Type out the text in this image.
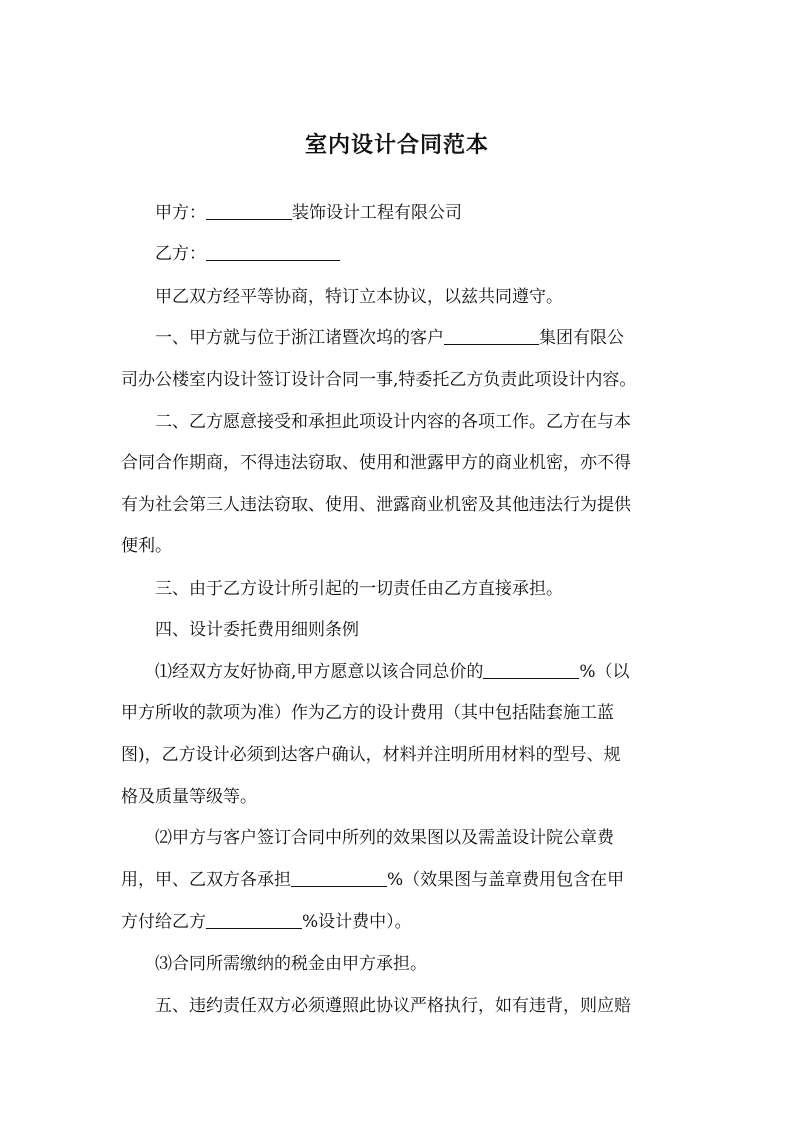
室内设计合同范本
甲方：	装饰设计工程有限公司
乙方：
甲乙双方经平等协商，特订立本协议，以兹共同遵守。
一、甲方就与位于浙江诸暨次坞的客户	集团有限公
司办公楼室内设计签订设计合同一事,特委托乙方负责此项设计内容。
二、乙方愿意接受和承担此项设计内容的各项工作。乙方在与本
合同合作期商，不得违法窃取、使用和泄露甲方的商业机密，亦不得
有为社会第三人违法窃取、使用、泄露商业机密及其他违法行为提供
便利。
三、由于乙方设计所引起的一切责任由乙方直接承担。
四、设计委托费用细则条例
⑴经双方友好协商,甲方愿意以该合同总价的	%（以
甲方所收的款项为准）作为乙方的设计费用（其中包括陆套施工蓝
图)，乙方设计必须到达客户确认，材料并注明所用材料的型号、规
格及质量等级等。
⑵甲方与客户签订合同中所列的效果图以及需盖设计院公章费
用，甲、乙双方各承担	%（效果图与盖章费用包含在甲
方付给乙方	%设计费中）。
⑶合同所需缴纳的税金由甲方承担。
五、违约责任双方必须遵照此协议严格执行，如有违背，则应赔
